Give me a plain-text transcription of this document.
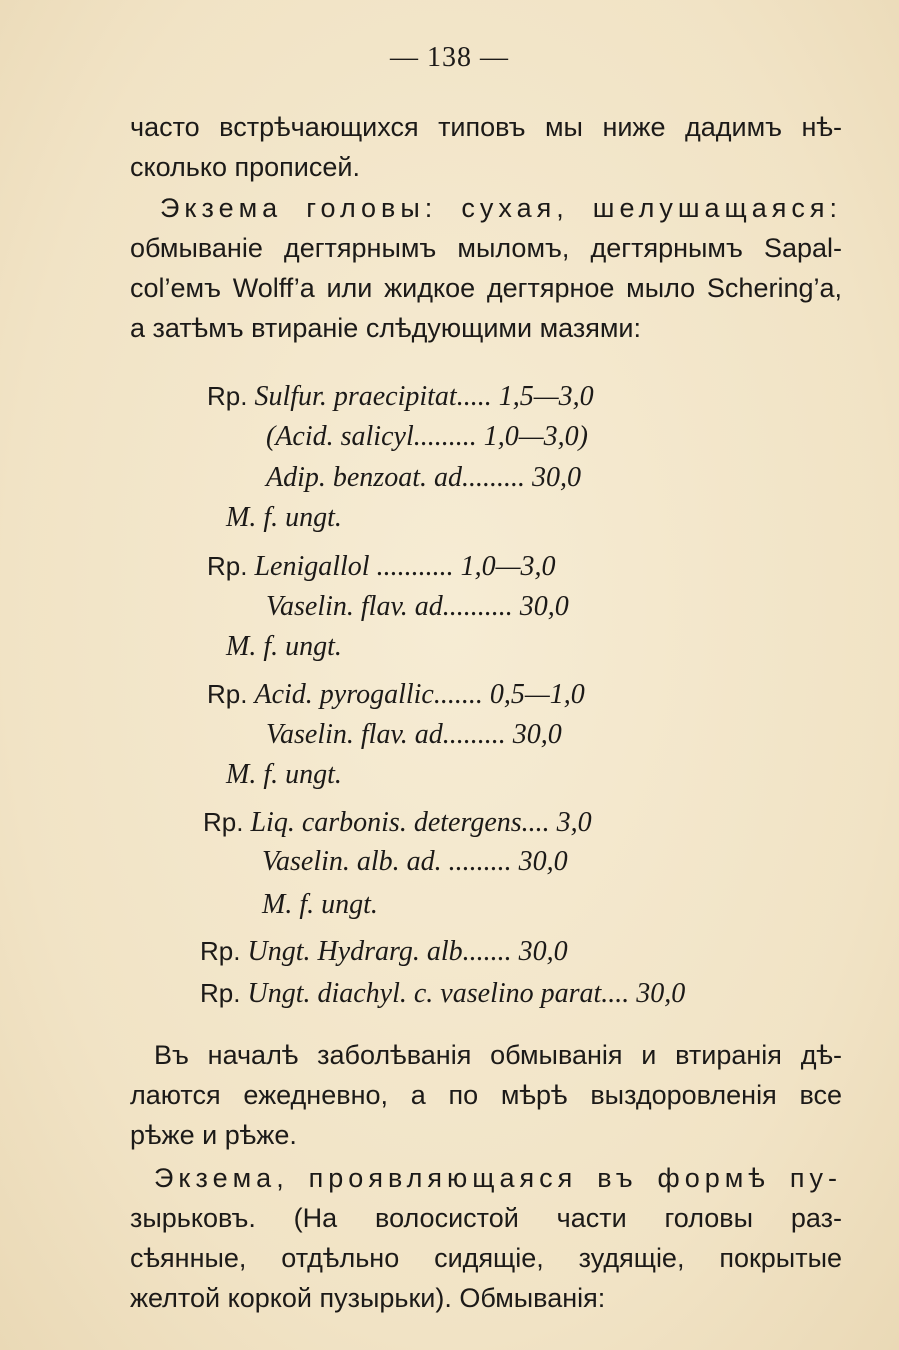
— 138 —
часто встрѣчающихся типовъ мы ниже дадимъ нѣ-
сколько прописей.
Экзема головы: сухая, шелушащаяся:
обмываніе дегтярнымъ мыломъ, дегтярнымъ Sapal-
col’емъ Wolff’а или жидкое дегтярное мыло Schering’a,
а затѣмъ втираніе слѣдующими мазями:
Rp. Sulfur. praecipitat..... 1,5—3,0
(Acid. salicyl......... 1,0—3,0)
Adip. benzoat. ad......... 30,0
M. f. ungt.
Rp. Lenigallol ........... 1,0—3,0
Vaselin. flav. ad.......... 30,0
M. f. ungt.
Rp. Acid. pyrogallic....... 0,5—1,0
Vaselin. flav. ad......... 30,0
M. f. ungt.
Rp. Liq. carbonis. detergens.... 3,0
Vaselin. alb. ad. ......... 30,0
M. f. ungt.
Rp. Ungt. Hydrarg. alb....... 30,0
Rp. Ungt. diachyl. c. vaselino parat.... 30,0
Въ началѣ заболѣванія обмыванія и втиранія дѣ-
лаются ежедневно, а по мѣрѣ выздоровленія все
рѣже и рѣже.
Экзема, проявляющаяся въ формѣ пу-
зырьковъ. (На волосистой части головы раз-
сѣянные, отдѣльно сидящіе, зудящіе, покрытые
желтой коркой пузырьки). Обмыванія:
